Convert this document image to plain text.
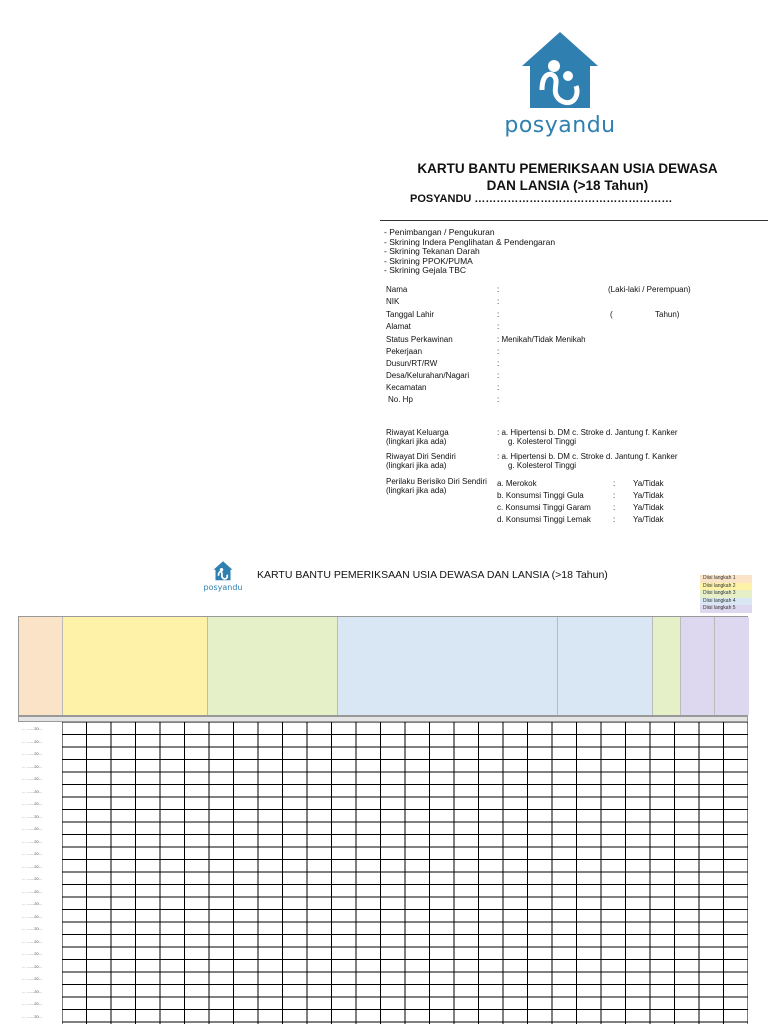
posyandu
KARTU BANTU PEMERIKSAAN USIA DEWASA
DAN LANSIA (>18 Tahun)
POSYANDU ………………………………………………
- Penimbangan / Pengukuran
- Skrining Indera Penglihatan & Pendengaran
- Skrining Tekanan Darah
- Skrining PPOK/PUMA
- Skrining Gejala TBC
Nama	:	(Laki-laki / Perempuan)
NIK	:
Tanggal Lahir	:	(	Tahun)
Alamat	:
Status Perkawinan	: Menikah/Tidak Menikah
Pekerjaan	:
Dusun/RT/RW	:
Desa/Kelurahan/Nagari	:
Kecamatan	:
No. Hp	:
Riwayat Keluarga
(lingkari jika ada)
: a. Hipertensi b. DM c. Stroke d. Jantung f. Kanker
g. Kolesterol Tinggi
Riwayat Diri Sendiri
(lingkari jika ada)
: a. Hipertensi b. DM c. Stroke d. Jantung f. Kanker
g. Kolesterol Tinggi
Perilaku Berisiko Diri Sendiri
(lingkari jika ada)
a. Merokok	: Ya/Tidak
b. Konsumsi Tinggi Gula	: Ya/Tidak
c. Konsumsi Tinggi Garam	: Ya/Tidak
d. Konsumsi Tinggi Lemak	: Ya/Tidak
posyandu
KARTU BANTU PEMERIKSAAN USIA DEWASA DAN LANSIA (>18 Tahun)	Diisi langkah 1
Diisi langkah 2
Diisi langkah 3
Diisi langkah 4
Diisi langkah 5
... .......20...
... .......20...
... .......20...
... .......20...
... .......20...
... .......20...
... .......20...
... .......20...
... .......20...
... .......20...
... .......20...
... .......20...
... .......20...
... .......20...
... .......20...
... .......20...
... .......20...
... .......20...
... .......20...
... .......20...
... .......20...
... .......20...
... .......20...
... .......20...
